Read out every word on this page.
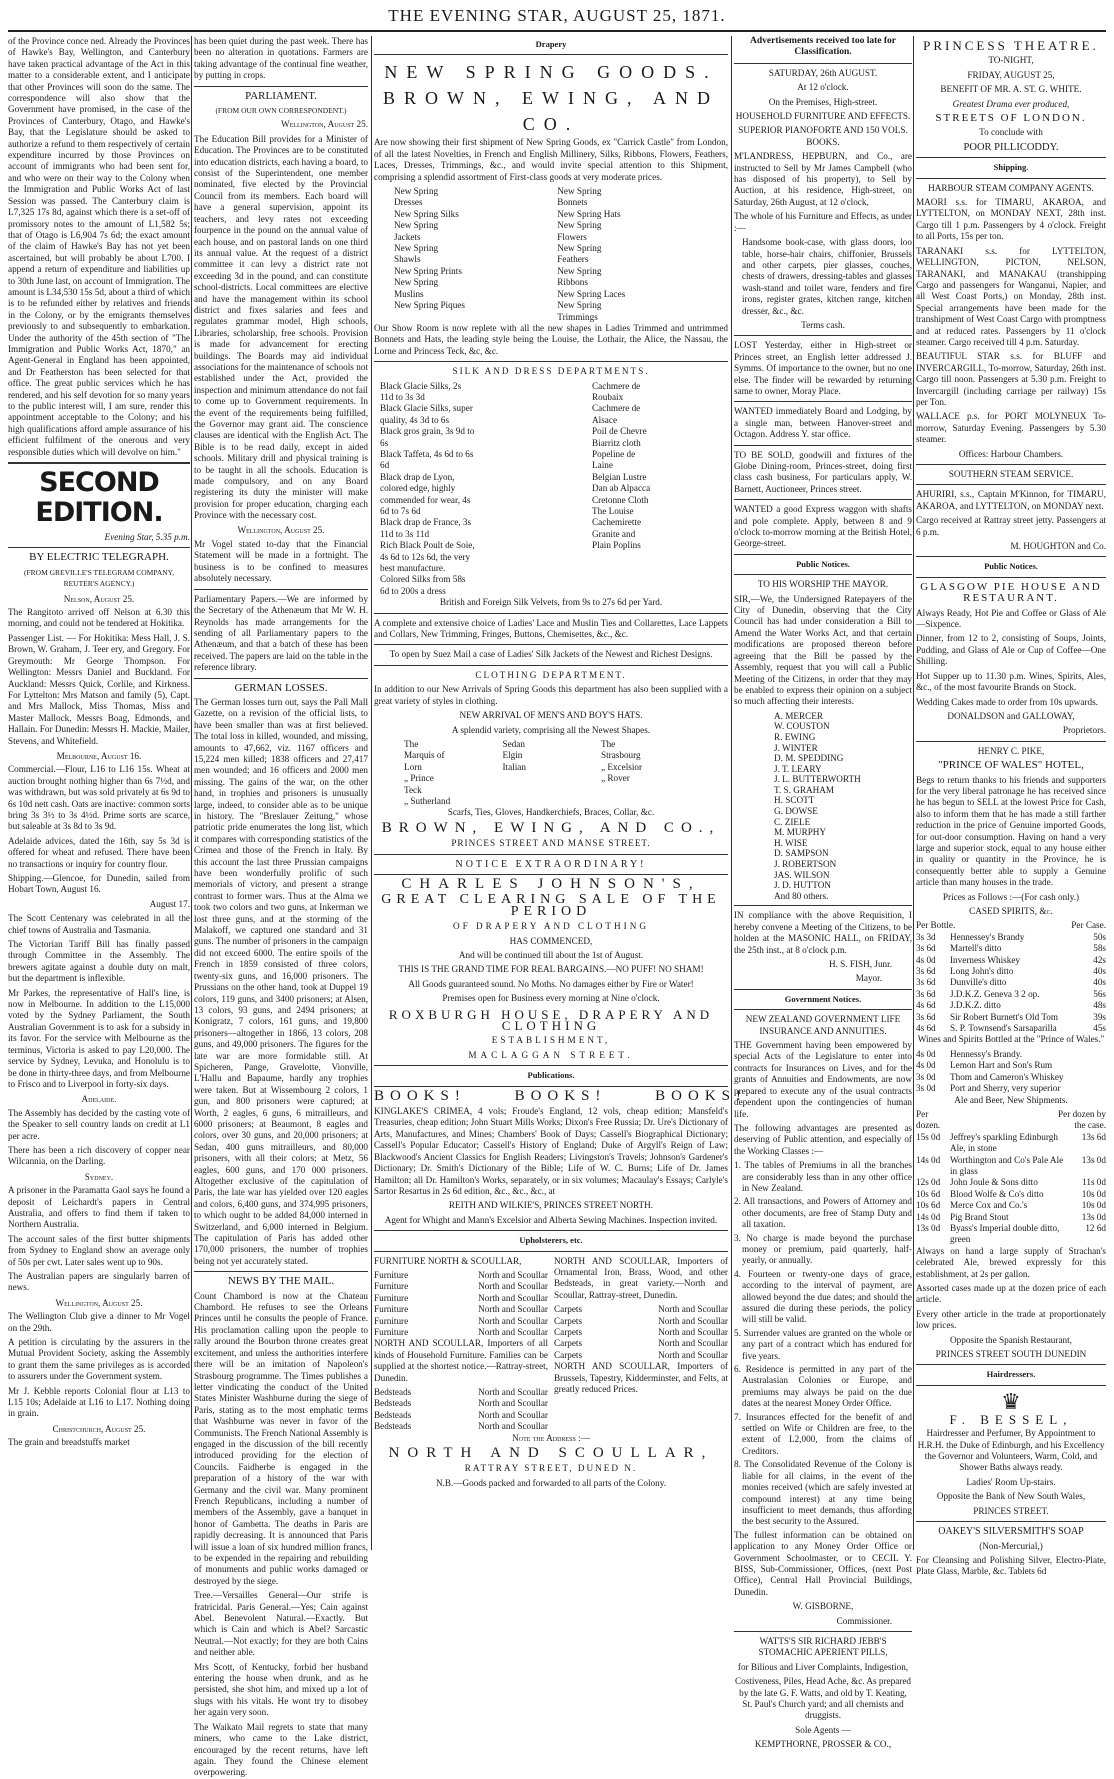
THE EVENING STAR, AUGUST 25, 1871.

of the Province conce ned. Already the Provinces of Hawke's Bay, Wellington, and Canterbury have taken practical advantage of the Act in this matter to a considerable extent, and I anticipate that other Provinces will soon do the same. The correspondence will also show that the Government have promised, in the case of the Provinces of Canterbury, Otago, and Hawke's Bay, that the Legislature should be asked to authorize a refund to them respectively of certain expenditure incurred by those Provinces on account of immigrants who had been sent for, and who were on their way to the Colony when the Immigration and Public Works Act of last Session was passed. The Canterbury claim is L7,325 17s 8d, against which there is a set-off of promissory notes to the amount of L1,582 5s; that of Otago is L6,904 7s 6d; the exact amount of the claim of Hawke's Bay has not yet been ascertained, but will probably be about L700. I append a return of expenditure and liabilities up to 30th June last, on account of Immigration. The amount is L34,530 15s 5d, about a third of which is to be refunded either by relatives and friends in the Colony, or by the emigrants themselves previously to and subsequently to embarkation. Under the authority of the 45th section of "The Immigration and Public Works Act, 1870," an Agent-General in England has been appointed, and Dr Featherston has been selected for that office. The great public services which he has rendered, and his self devotion for so many years to the public interest will, I am sure, render this appointment acceptable to the Colony; and his high qualifications afford ample assurance of his efficient fulfilment of the onerous and very responsible duties which will devolve on him."

SECOND EDITION.

Evening Star, 5.35 p.m.

BY ELECTRIC TELEGRAPH.

(FROM GREVILLE'S TELEGRAM COMPANY, REUTER'S AGENCY.)

Nelson, August 25.

The Rangitoto arrived off Nelson at 6.30 this morning, and could not be tendered at Hokitika.

Passenger List. — For Hokitika: Mess Hall, J. S. Brown, W. Graham, J. Teer ery, and Gregory. For Greymouth: Mr George Thompson. For Wellington: Messrs Daniel and Buckland. For Auckland: Messrs Quick, Corlile, and Kirkness. For Lyttelton: Mrs Matson and family (5), Capt. and Mrs Mallock, Miss Thomas, Miss and Master Mallock, Messrs Boag, Edmonds, and Hallain. For Dunedin: Messrs H. Mackie, Mailer, Stevens, and Whitefield.

Melbourne, August 16.

Commercial.—Flour, L16 to L16 15s. Wheat at auction brought nothing higher than 6s 7½d, and was withdrawn, but was sold privately at 6s 9d to 6s 10d nett cash. Oats are inactive: common sorts bring 3s 3½ to 3s 4½d. Prime sorts are scarce, but saleable at 3s 8d to 3s 9d.

Adelaide advices, dated the 16th, say 5s 3d is offered for wheat and refused. There have been no transactions or inquiry for country flour.

Shipping.—Glencoe, for Dunedin, sailed from Hobart Town, August 16.

August 17.

The Scott Centenary was celebrated in all the chief towns of Australia and Tasmania.

The Victorian Tariff Bill has finally passed through Committee in the Assembly. The brewers agitate against a double duty on malt, but the department is inflexible.

Mr Parkes, the representative of Hall's line, is now in Melbourne. In addition to the L15,000 voted by the Sydney Parliament, the South Australian Government is to ask for a subsidy in its favor. For the service with Melbourne as the terminus, Victoria is asked to pay L20,000. The service by Sydney, Levuka, and Honolulu is to be done in thirty-three days, and from Melbourne to Frisco and to Liverpool in forty-six days.

Adelaide.

The Assembly has decided by the casting vote of the Speaker to sell country lands on credit at L1 per acre.

There has been a rich discovery of copper near Wilcannia, on the Darling.

Sydney.

A prisoner in the Paramatta Gaol says he found a deposit of Leichardt's papers in Central Australia, and offers to find them if taken to Northern Australia.

The account sales of the first butter shipments from Sydney to England show an average only of 50s per cwt. Later sales went up to 90s.

The Australian papers are singularly barren of news.

Wellington, August 25.

The Wellington Club give a dinner to Mr Vogel on the 29th.

A petition is circulating by the assurers in the Mutual Provident Society, asking the Assembly to grant them the same privileges as is accorded to assurers under the Government system.

Mr J. Kebble reports Colonial flour at L13 to L15 10s; Adelaide at L16 to L17. Nothing doing in grain.

Christchurch, August 25.

The grain and breadstuffs market

has been quiet during the past week. There has been no alteration in quotations. Farmers are taking advantage of the continual fine weather, by putting in crops.

PARLIAMENT.

(FROM OUR OWN CORRESPONDENT.)

Wellington, August 25.

The Education Bill provides for a Minister of Education. The Provinces are to be constituted into education districts, each having a board, to consist of the Superintendent, one member nominated, five elected by the Provincial Council from its members. Each board will have a general supervision, appoint its teachers, and levy rates not exceeding fourpence in the pound on the annual value of each house, and on pastoral lands on one third its annual value. At the request of a district committee it can levy a district rate not exceeding 3d in the pound, and can constitute school-districts. Local committees are elective and have the management within its school district and fixes salaries and fees and regulates grammar model, High schools, Libraries, scholarship, free schools. Provision is made for advancement for erecting buildings. The Boards may aid individual associations for the maintenance of schools not established under the Act, provided the inspection and minimum attendance do not fail to come up to Government requirements. In the event of the requirements being fulfilled, the Governor may grant aid. The conscience clauses are identical with the English Act. The Bible is to be read daily, except in aided schools. Military drill and physical training is to be taught in all the schools. Education is made compulsory, and on any Board registering its duty the minister will make provision for proper education, charging each Province with the necessary cost.

Wellington, August 25.

Mr Vogel stated to-day that the Financial Statement will be made in a fortnight. The business is to be confined to measures absolutely necessary.

Parliamentary Papers.—We are informed by the Secretary of the Athenæum that Mr W. H. Reynolds has made arrangements for the sending of all Parliamentary papers to the Athenæum, and that a batch of these has been received. The papers are laid on the table in the reference library.

GERMAN LOSSES.

The German losses turn out, says the Pall Mall Gazette, on a revision of the official lists, to have been smaller than was at first believed. The total loss in killed, wounded, and missing, amounts to 47,662, viz. 1167 officers and 15,224 men killed; 1838 officers and 27,417 men wounded; and 16 officers and 2000 men missing. The gains of the war, on the other hand, in trophies and prisoners is unusually large, indeed, to consider able as to be unique in history. The "Breslauer Zeitung," whose patriotic pride enumerates the long list, which it compares with corresponding statistics of the Crimea and those of the French in Italy. By this account the last three Prussian campaigns have been wonderfully prolific of such memorials of victory, and present a strange contrast to former wars. Thus at the Alma we took two colors and two guns, at Inkerman we lost three guns, and at the storming of the Malakoff, we captured one standard and 31 guns. The number of prisoners in the campaign did not exceed 6000. The entire spoils of the French in 1859 consisted of three colors, twenty-six guns, and 16,000 prisoners. The Prussians on the other hand, took at Duppel 19 colors, 119 guns, and 3400 prisoners; at Alsen, 13 colors, 93 guns, and 2494 prisoners; at Konigratz, 7 colors, 161 guns, and 19,800 prisoners—altogether in 1866, 13 colors, 208 guns, and 49,000 prisoners. The figures for the late war are more formidable still. At Spicheren, Pange, Gravelotte, Vionville, L'Hallu and Bapaume, hardly any trophies were taken. But at Wissembourg 2 colors, 1 gun, and 800 prisoners were captured; at Worth, 2 eagles, 6 guns, 6 mitrailleurs, and 6000 prisoners; at Beaumont, 8 eagles and colors, over 30 guns, and 20,000 prisoners; at Sedan, 400 guns mitrailleurs, and 80,000 prisoners, with all their colors; at Metz, 56 eagles, 600 guns, and 170 000 prisoners. Altogether exclusive of the capitulation of Paris, the late war has yielded over 120 eagles and colors, 6,400 guns, and 374,995 prisoners, to which ought to be added 84,000 interned in Switzerland, and 6,000 interned in Belgium. The capitulation of Paris has added other 170,000 prisoners, the number of trophies being not yet accurately stated.

NEWS BY THE MAIL.

Count Chambord is now at the Chateau Chambord. He refuses to see the Orleans Princes until he consults the people of France. His proclamation calling upon the people to rally around the Bourbon throne creates great excitement, and unless the authorities interfere there will be an imitation of Napoleon's Strasbourg programme. The Times publishes a letter vindicating the conduct of the United States Minister Washburne during the siege of Paris, stating as to the most emphatic terms that Washburne was never in favor of the Communists. The French National Assembly is engaged in the discussion of the bill recently introduced providing for the election of Councils. Faidherbe is engaged in the preparation of a history of the war with Germany and the civil war. Many prominent French Republicans, including a number of members of the Assembly, gave a banquet in honor of Gambetta. The deaths in Paris are rapidly decreasing. It is announced that Paris will issue a loan of six hundred million francs, to be expended in the repairing and rebuilding of monuments and public works damaged or destroyed by the siege.

Tree.—Versailles General—Our strife is fratricidal. Paris General.—Yes; Cain against Abel. Benevolent Natural.—Exactly. But which is Cain and which is Abel? Sarcastic Neutral.—Not exactly; for they are both Cains and neither able.

Mrs Scott, of Kentucky, forbid her husband entering the house when drunk, and as he persisted, she shot him, and mixed up a lot of slugs with his vitals. He wont try to disobey her again very soon.

The Waikato Mail regrets to state that many miners, who came to the Lake district, encouraged by the recent returns, have left again. They found the Chinese element overpowering.

Drapery

NEW SPRING GOODS.
BROWN, EWING, AND CO.

Are now showing their first shipment of New Spring Goods, ex "Carrick Castle" from London, of all the latest Novelties, in French and English Millinery, Silks, Ribbons, Flowers, Feathers, Laces, Dresses, Trimmings, &c., and would invite special attention to this Shipment, comprising a splendid assortment of First-class goods at very moderate prices.

New Spring Dresses
New Spring Silks
New Spring Jackets
New Spring Shawls
New Spring Prints
New Spring Muslins
New Spring Piques
New Spring Bonnets
New Spring Hats
New Spring Flowers
New Spring Feathers
New Spring Ribbons
New Spring Laces
New Spring Trimmings

Our Show Room is now replete with all the new shapes in Ladies Trimmed and untrimmed Bonnets and Hats, the leading style being the Louise, the Lothair, the Alice, the Nassau, the Lorne and Princess Teck, &c, &c.

SILK AND DRESS DEPARTMENTS.

Black Glacie Silks, 2s 11d to 3s 3d
Black Glacie Silks, super quality, 4s 3d to 6s
Black gros grain, 3s 9d to 6s
Black Taffeta, 4s 6d to 6s 6d
Black drap de Lyon, colored edge, highly commended for wear, 4s 6d to 7s 6d
Black drap de France, 3s 11d to 3s 11d
Rich Black Poult de Soie, 4s 6d to 12s 6d, the very best manufacture.
Colored Silks from 58s 6d to 200s a dress
Cachmere de Roubaix
Cachmere de Alsace
Poil de Chevre
Biarritz cloth
Popeline de Laine
Belgian Lustre
Dan ab Alpacca
Cretonne Cloth
The Louise Cachemirette
Granite and Plain Poplins

British and Foreign Silk Velvets, from 9s to 27s 6d per Yard.

A complete and extensive choice of Ladies' Lace and Muslin Ties and Collarettes, Lace Lappets and Collars, New Trimming, Fringes, Buttons, Chemisettes, &c., &c.

To open by Suez Mail a case of Ladies' Silk Jackets of the Newest and Richest Designs.

CLOTHING DEPARTMENT.

In addition to our New Arrivals of Spring Goods this department has also been supplied with a great variety of styles in clothing.

NEW ARRIVAL OF MEN'S AND BOY'S HATS.

A splendid variety, comprising all the Newest Shapes.

The Marquis of Lorn
„ Prince Teck
„ Sutherland
Sedan
Elgin
Italian
The Strasbourg
„ Excelsior
„ Rover

Scarfs, Ties, Gloves, Handkerchiefs, Braces, Collar, &c.

BROWN, EWING, AND CO.,

PRINCES STREET AND MANSE STREET.

NOTICE EXTRAORDINARY!

CHARLES JOHNSON'S,
GREAT CLEARING SALE OF THE PERIOD

OF DRAPERY AND CLOTHING

HAS COMMENCED,

And will be continued till about the 1st of August.

THIS IS THE GRAND TIME FOR REAL BARGAINS.—NO PUFF! NO SHAM!

All Goods guaranteed sound. No Moths. No damages either by Fire or Water!

Premises open for Business every morning at Nine o'clock.

ROXBURGH HOUSE, DRAPERY AND CLOTHING

ESTABLISHMENT,

MACLAGGAN STREET.

Publications.

BOOKS!     BOOKS!     BOOKS!

KINGLAKE'S CRIMEA, 4 vols; Froude's England, 12 vols, cheap edition; Mansfeld's Treasuries, cheap edition; John Stuart Mills Works; Dixon's Free Russia; Dr. Ure's Dictionary of Arts, Manufactures, and Mines; Chambers' Book of Days; Cassell's Biographical Dictionary; Cassell's Popular Educator; Cassell's History of England; Duke of Argyll's Reign of Law; Blackwood's Ancient Classics for English Readers; Livingston's Travels; Johnson's Gardener's Dictionary; Dr. Smith's Dictionary of the Bible; Life of W. C. Burns; Life of Dr. James Hamilton; all Dr. Hamilton's Works, separately, or in six volumes; Macaulay's Essays; Carlyle's Sartor Resartus in 2s 6d edition, &c., &c., &c., at

REITH AND WILKIE'S, PRINCES STREET NORTH.

Agent for Whight and Mann's Excelsior and Alberta Sewing Machines. Inspection invited.

Upholsterers, etc.

FURNITURE NORTH & SCOULLAR,

Furniture	North and Scoullar
Furniture	North and Scoullar
Furniture	North and Scoullar
Furniture	North and Scoullar
Furniture	North and Scoullar
Furniture	North and Scoullar

NORTH AND SCOULLAR, Importers of all kinds of Household Furniture. Families can be supplied at the shortest notice.—Rattray-street, Dunedin.

Bedsteads	North and Scoullar
Bedsteads	North and Scoullar
Bedsteads	North and Scoullar
Bedsteads	North and Scoullar

NORTH AND SCOULLAR, Importers of Ornamental Iron, Brass, Wood, and other Bedsteads, in great variety.—North and Scoullar, Rattray-street, Dunedin.

Carpets	North and Scoullar
Carpets	North and Scoullar
Carpets	North and Scoullar
Carpets	North and Scoullar
Carpets	North and Scoullar

NORTH AND SCOULLAR, Importers of Brussels, Tapestry, Kidderminster, and Felts, at greatly reduced Prices.

Note the Address :—

NORTH AND SCOULLAR,

RATTRAY STREET, DUNED N.

N.B.—Goods packed and forwarded to all parts of the Colony.

Advertisements received too late for Classification.

SATURDAY, 26th AUGUST.

At 12 o'clock.

On the Premises, High-street.

HOUSEHOLD FURNITURE AND EFFECTS.

SUPERIOR PIANOFORTE AND 150 VOLS. BOOKS.

M'LANDRESS, HEPBURN, and Co., are instructed to Sell by Mr James Campbell (who has disposed of his property), to Sell by Auction, at his residence, High-street, on Saturday, 26th August, at 12 o'clock,

The whole of his Furniture and Effects, as under :—

Handsome book-case, with glass doors, loo table, horse-hair chairs, chiffonier, Brussels and other carpets, pier glasses, couches, chests of drawers, dressing-tables and glasses wash-stand and toilet ware, fenders and fire irons, register grates, kitchen range, kitchen dresser, &c., &c.

Terms cash.

LOST Yesterday, either in High-street or Princes street, an English letter addressed J. Symms. Of importance to the owner, but no one else. The finder will be rewarded by returning same to owner, Moray Place.

WANTED immediately Board and Lodging, by a single man, between Hanover-street and Octagon. Address Y. star office.

TO BE SOLD, goodwill and fixtures of the Globe Dining-room, Princes-street, doing first class cash business, For particulars apply, W. Barnett, Auctioneer, Princes street.

WANTED a good Express waggon with shafts and pole complete. Apply, between 8 and 9 o'clock to-morrow morning at the British Hotel, George-street.

Public Notices.

TO HIS WORSHIP THE MAYOR.

SIR,—We, the Undersigned Ratepayers of the City of Dunedin, observing that the City Council has had under consideration a Bill to Amend the Water Works Act, and that certain modifications are proposed thereon before agreeing that the Bill be passed by the Assembly, request that you will call a Public Meeting of the Citizens, in order that they may be enabled to express their opinion on a subject so much affecting their interests.

A. MERCER
W. COUSTON
R. EWING
J. WINTER
D. M. SPEDDING
J. T. LEARY
J. L. BUTTERWORTH
T. S. GRAHAM
H. SCOTT
G. DOWSE
C. ZIELE
M. MURPHY
H. WISE
D. SAMPSON
J. ROBERTSON
JAS. WILSON
J. D. HUTTON
And 80 others.

IN compliance with the above Requisition, I hereby convene a Meeting of the Citizens, to be holden at the MASONIC HALL, on FRIDAY, the 25th inst., at 8 o'clock p.m.

H. S. FISH, Junr.

Mayor.

Government Notices.

NEW ZEALAND GOVERNMENT LIFE INSURANCE AND ANNUITIES.

THE Government having been empowered by special Acts of the Legislature to enter into contracts for Insurances on Lives, and for the grants of Annuities and Endowments, are now prepared to execute any of the usual contracts dependent upon the contingencies of human life.

The following advantages are presented as deserving of Public attention, and especially of the Working Classes :—

1. The tables of Premiums in all the branches are considerably less than in any other office in New Zealand.
2. All transactions, and Powers of Attorney and other documents, are free of Stamp Duty and all taxation.
3. No charge is made beyond the purchase money or premium, paid quarterly, half-yearly, or annually.
4. Fourteen or twenty-one days of grace, according to the interval of payment, are allowed beyond the due dates; and should the assured die during these periods, the policy will still be valid.
5. Surrender values are granted on the whole or any part of a contract which has endured for five years.
6. Residence is permitted in any part of the Australasian Colonies or Europe, and premiums may always be paid on the due dates at the nearest Money Order Office.
7. Insurances effected for the benefit of and settled on Wife or Children are free, to the extent of L2,000, from the claims of Creditors.
8. The Consolidated Revenue of the Colony is liable for all claims, in the event of the monies received (which are safely invested at compound interest) at any time being insufficient to meet demands, thus affording the best security to the Assured.

The fullest information can be obtained on application to any Money Order Office or Government Schoolmaster, or to CECIL Y. BISS, Sub-Commissioner, Offices, (next Post Office), Central Hall Provincial Buildings, Dunedin.

W. GISBORNE,

Commissioner.

WATTS'S SIR RICHARD JEBB'S STOMACHIC APERIENT PILLS,

for Bilious and Liver Complaints, Indigestion,

Costiveness, Piles, Head Ache, &c. As prepared by the late G. F. Watts, and old by T. Keating, St. Paul's Church yard; and all chemists and druggists.

Sole Agents —

KEMPTHORNE, PROSSER & CO.,

PRINCESS THEATRE.

TO-NIGHT,

FRIDAY, AUGUST 25,

BENEFIT OF MR. A. ST. G. WHITE.

Greatest Drama ever produced,

STREETS OF LONDON.

To conclude with

POOR PILLICODDY.

Shipping.

HARBOUR STEAM COMPANY AGENTS.

MAORI s.s. for TIMARU, AKAROA, and LYTTELTON, on MONDAY NEXT, 28th inst. Cargo till 1 p.m. Passengers by 4 o'clock. Freight to all Ports, 15s per ton.

TARANAKI s.s. for LYTTELTON, WELLINGTON, PICTON, NELSON, TARANAKI, and MANAKAU (transhipping Cargo and passengers for Wanganui, Napier, and all West Coast Ports,) on Monday, 28th inst. Special arrangements have been made for the transhipment of West Coast Cargo with promptness and at reduced rates. Passengers by 11 o'clock steamer. Cargo received till 4 p.m. Saturday.

BEAUTIFUL STAR s.s. for BLUFF and INVERCARGILL, To-morrow, Saturday, 26th inst. Cargo till noon. Passengers at 5.30 p.m. Freight to Invercargill (including carriage per railway) 15s per Ton.

WALLACE p.s. for PORT MOLYNEUX To-morrow, Saturday Evening. Passengers by 5.30 steamer.

Offices: Harbour Chambers.

SOUTHERN STEAM SERVICE.

AHURIRI, s.s., Captain M'Kinnon, for TIMARU, AKAROA, and LYTTELTON, on MONDAY next.

Cargo received at Rattray street jetty. Passengers at 6 p.m.

M. HOUGHTON and Co.

Public Notices.

GLASGOW PIE HOUSE AND RESTAURANT.

Always Ready, Hot Pie and Coffee or Glass of Ale—Sixpence.

Dinner, from 12 to 2, consisting of Soups, Joints, Pudding, and Glass of Ale or Cup of Coffee—One Shilling.

Hot Supper up to 11.30 p.m. Wines, Spirits, Ales, &c., of the most favourite Brands on Stock.

Wedding Cakes made to order from 10s upwards.

DONALDSON and GALLOWAY,

Proprietors.

HENRY C. PIKE,

"PRINCE OF WALES" HOTEL,

Begs to return thanks to his friends and supporters for the very liberal patronage he has received since he has begun to SELL at the lowest Price for Cash, also to inform them that he has made a still farther reduction in the price of Genuine imported Goods, for out-door consumption. Having on hand a very large and superior stock, equal to any house either in quality or quantity in the Province, he is consequently better able to supply a Genuine article than many houses in the trade.

Prices as Follows :—(For cash only.)

CASED SPIRITS, &c.

Per Bottle.	Per Case.
3s 3d	Hennessey's Brandy	50s
3s 6d	Martell's ditto	58s
4s 0d	Inverness Whiskey	42s
3s 6d	Long John's ditto	40s
3s 6d	Dunville's ditto	40s
3s 6d	J.D.K.Z. Geneva 3 2 op.	56s
4s 6d	J.D.K.Z. ditto	48s
3s 6d	Sir Robert Burnett's Old Tom	39s
4s 6d	S. P. Townsend's Sarsaparilla	45s

Wines and Spirits Bottled at the "Prince of Wales."

4s 0d	Hennessy's Brandy.
4s 0d	Lemon Hart and Son's Rum
3s 0d	Thom and Cameron's Whiskey
3s 0d	Port and Sherry, very superior

Ale and Beer, New Shipments.

Per
dozen.
Per dozen by the case.
15s 0d	Jeffrey's sparkling Edinburgh Ale, in stone
13s 6d
14s 0d	Worthington and Co's Pale Ale in glass
13s 0d
12s 0d	John Joule & Sons ditto	11s 0d
10s 6d	Blood Wolfe & Co's ditto	10s 0d
10s 6d	Merce Cox and Co.'s	10s 0d
14s 0d	Pig Brand Stout	13s 0d
13s 0d	Byass's Imperial double ditto, green
12 6d

Always on hand a large supply of Strachan's celebrated Ale, brewed expressly for this establishment, at 2s per gallon.

Assorted cases made up at the dozen price of each article.

Every other article in the trade at proportionately low prices.

Opposite the Spanish Restaurant,

PRINCES STREET SOUTH DUNEDIN

Hairdressers.

♛

F. BESSEL,

Hairdresser and Perfumer, By Appointment to H.R.H. the Duke of Edinburgh, and his Excellency the Governor and Volunteers, Warm, Cold, and Shower Baths always ready.

Ladies' Room Up-stairs.

Opposite the Bank of New South Wales,

PRINCES STREET.

OAKEY'S SILVERSMITH'S SOAP

(Non-Mercurial,)

For Cleansing and Polishing Silver, Electro-Plate, Plate Glass, Marble, &c. Tablets 6d
